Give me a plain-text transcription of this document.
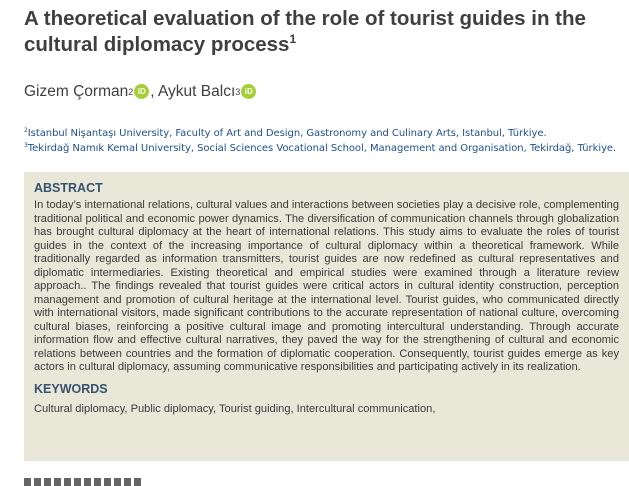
A theoretical evaluation of the role of tourist guides in the cultural diplomacy process$^1$
Gizem Çorman 2 iD , Aykut Balcı 3 iD
$^2$Istanbul Nişantaşı University, Faculty of Art and Design, Gastronomy and Culinary Arts, Istanbul, Türkiye.
$^3$Tekirdağ Namık Kemal University, Social Sciences Vocational School, Management and Organisation, Tekirdağ, Türkiye.
ABSTRACT

In today’s international relations, cultural values and interactions between societies play a decisive role, complementing traditional political and economic power dynamics. The diversification of communication channels through globalization has brought cultural diplomacy at the heart of international relations. This study aims to evaluate the roles of tourist guides in the context of the increasing importance of cultural diplomacy within a theoretical framework. While traditionally regarded as information transmitters, tourist guides are now redefined as cultural representatives and diplomatic intermediaries. Existing theoretical and empirical studies were examined through a literature review approach.. The findings revealed that tourist guides were critical actors in cultural identity construction, perception management and promotion of cultural heritage at the international level. Tourist guides, who communicated directly with international visitors, made significant contributions to the accurate representation of national culture, overcoming cultural biases, reinforcing a positive cultural image and promoting intercultural understanding. Through accurate information flow and effective cultural narratives, they paved the way for the strengthening of cultural and economic relations between countries and the formation of diplomatic cooperation. Consequently, tourist guides emerge as key actors in cultural diplomacy, assuming communicative responsibilities and participating actively in its realization.

KEYWORDS

Cultural diplomacy, Public diplomacy, Tourist guiding, Intercultural communication,
